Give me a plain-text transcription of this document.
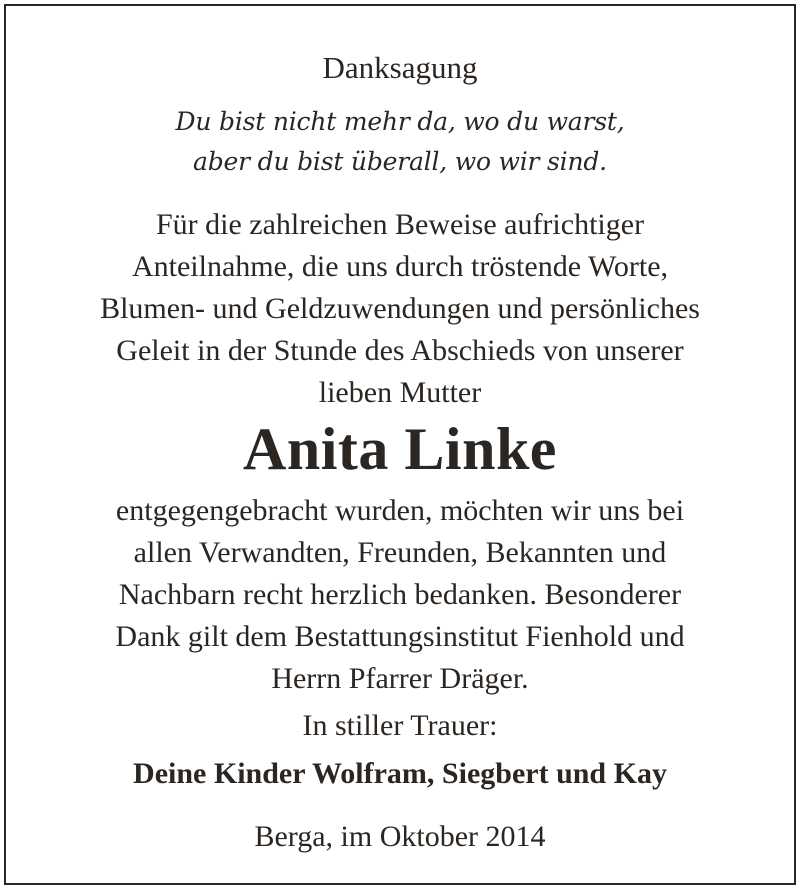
Danksagung
Du bist nicht mehr da, wo du warst,
aber du bist überall, wo wir sind.
Für die zahlreichen Beweise aufrichtiger
Anteilnahme, die uns durch tröstende Worte,
Blumen- und Geldzuwendungen und persönliches
Geleit in der Stunde des Abschieds von unserer
lieben Mutter
Anita Linke
entgegengebracht wurden, möchten wir uns bei
allen Verwandten, Freunden, Bekannten und
Nachbarn recht herzlich bedanken. Besonderer
Dank gilt dem Bestattungsinstitut Fienhold und
Herrn Pfarrer Dräger.
In stiller Trauer:
Deine Kinder Wolfram, Siegbert und Kay
Berga, im Oktober 2014
